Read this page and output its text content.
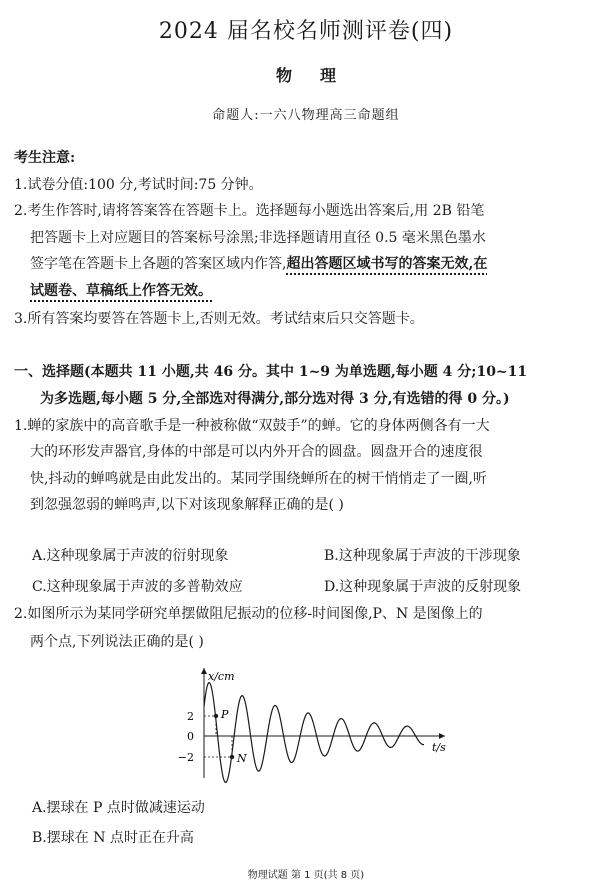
2024 届名校名师测评卷(四)
物理
命题人:一六八物理高三命题组
考生注意:
1.试卷分值:100 分,考试时间:75 分钟。
2.考生作答时,请将答案答在答题卡上。选择题每小题选出答案后,用 2B 铅笔
把答题卡上对应题目的答案标号涂黑;非选择题请用直径 0.5 毫米黑色墨水
签字笔在答题卡上各题的答案区域内作答,超出答题区域书写的答案无效,在
试题卷、草稿纸上作答无效。
3.所有答案均要答在答题卡上,否则无效。考试结束后只交答题卡。
一、选择题(本题共 11 小题,共 46 分。其中 1~9 为单选题,每小题 4 分;10~11
为多选题,每小题 5 分,全部选对得满分,部分选对得 3 分,有选错的得 0 分。)
1.蝉的家族中的高音歌手是一种被称做“双鼓手”的蝉。它的身体两侧各有一大
大的环形发声器官,身体的中部是可以内外开合的圆盘。圆盘开合的速度很
快,抖动的蝉鸣就是由此发出的。某同学围绕蝉所在的树干悄悄走了一圈,听
到忽强忽弱的蝉鸣声,以下对该现象解释正确的是( )
A.这种现象属于声波的衍射现象	B.这种现象属于声波的干涉现象
C.这种现象属于声波的多普勒效应	D.这种现象属于声波的反射现象
2.如图所示为某同学研究单摆做阻尼振动的位移-时间图像,P、N 是图像上的
两个点,下列说法正确的是( )
x/cm
t/s
2
0
−2
P
N
A.摆球在 P 点时做减速运动
B.摆球在 N 点时正在升高
物理试题 第 1 页(共 8 页)
